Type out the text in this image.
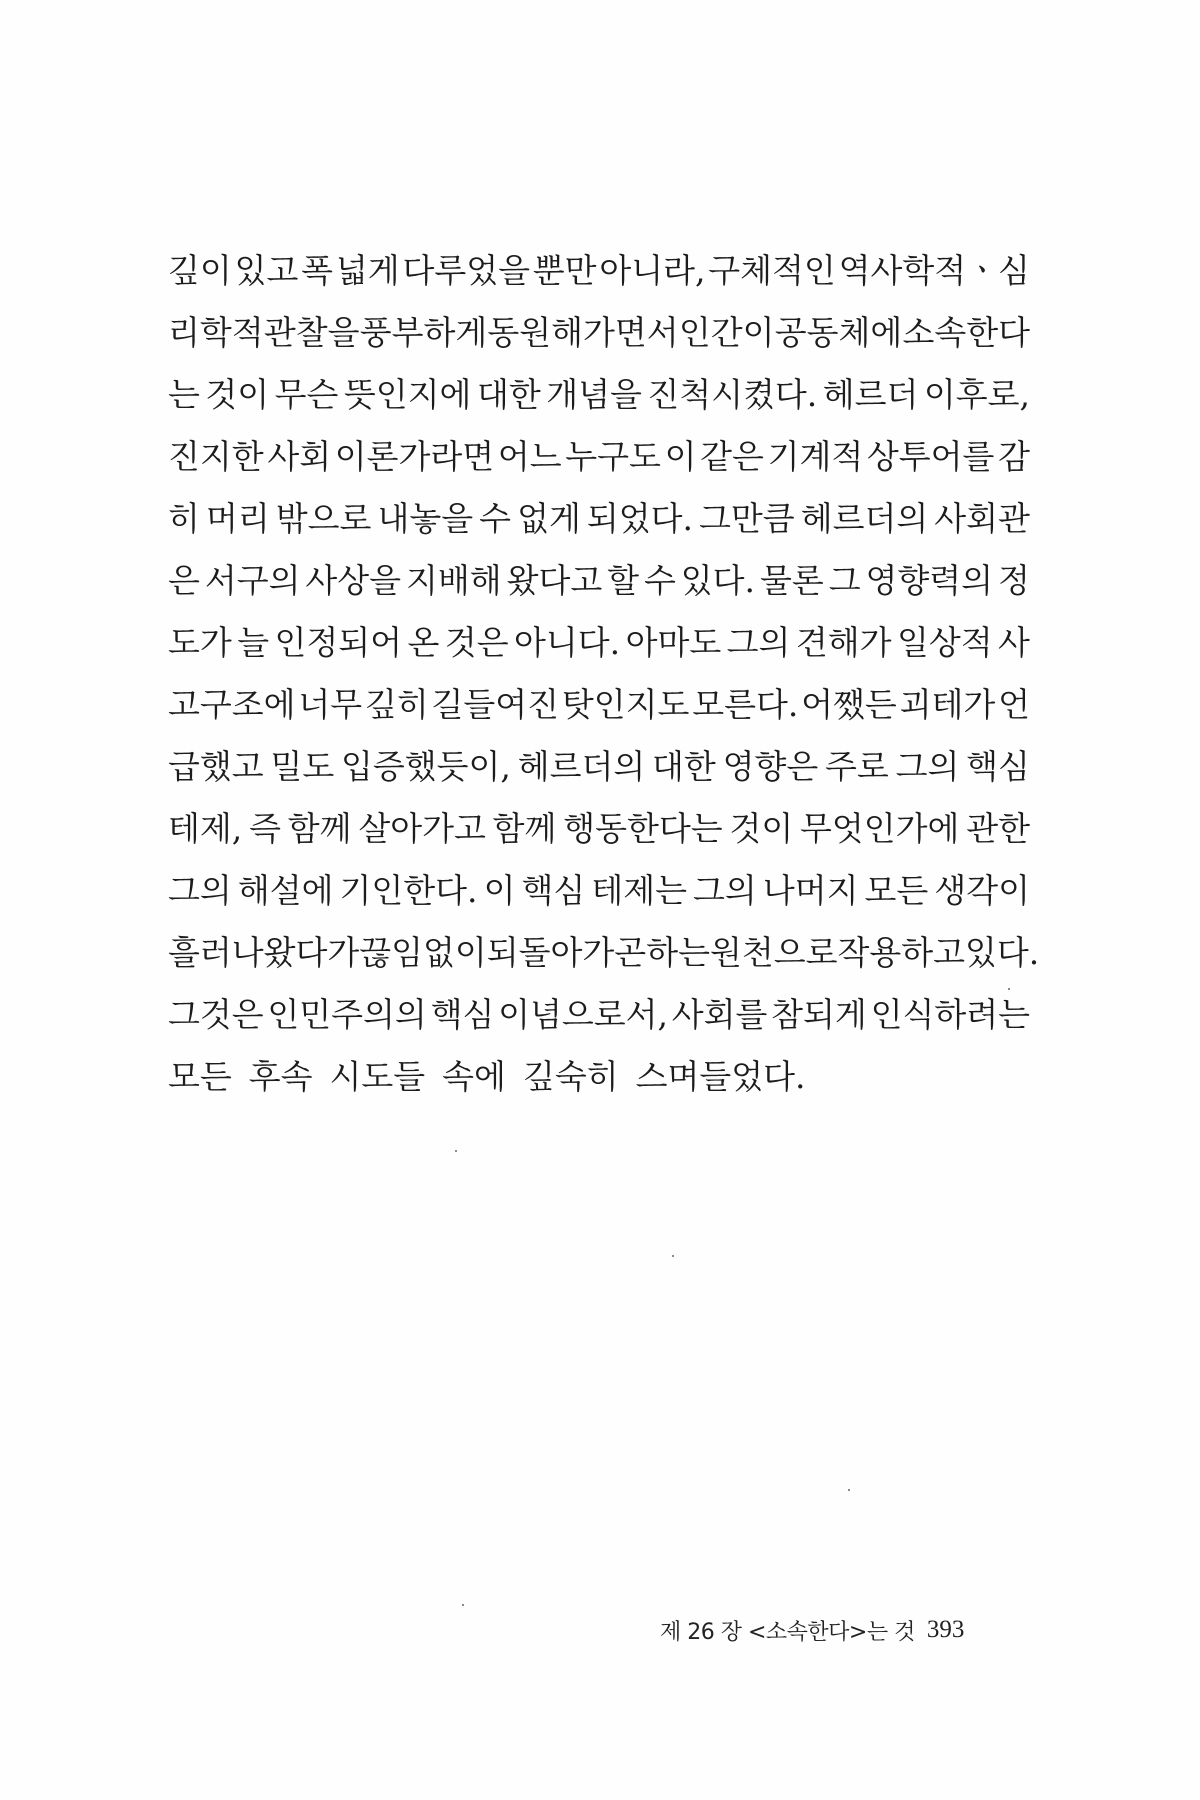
깊이 있고 폭 넓게 다루었을 뿐만 아니라, 구체적인 역사학적ㆍ심
리학적 관찰을 풍부하게 동원해가면서 인간이 공동체에 소속한다
는 것이 무슨 뜻인지에 대한 개념을 진척시켰다. 헤르더 이후로,
진지한 사회 이론가라면 어느 누구도 이 같은 기계적 상투어를 감
히 머리 밖으로 내놓을 수 없게 되었다. 그만큼 헤르더의 사회관
은 서구의 사상을 지배해 왔다고 할 수 있다. 물론 그 영향력의 정
도가 늘 인정되어 온 것은 아니다. 아마도 그의 견해가 일상적 사
고구조에 너무 깊히 길들여진 탓인지도 모른다. 어쨌든 괴테가 언
급했고 밀도 입증했듯이, 헤르더의 대한 영향은 주로 그의 핵심
테제, 즉 함께 살아가고 함께 행동한다는 것이 무엇인가에 관한
그의 해설에 기인한다. 이 핵심 테제는 그의 나머지 모든 생각이
흘러나왔다가 끊임없이 되돌아가곤 하는 원천으로 작용하고 있다.
그것은 인민주의의 핵심 이념으로서, 사회를 참되게 인식하려는
모든 후속 시도들 속에 깊숙히 스며들었다.
제 26 장 <소속한다>는 것 393
